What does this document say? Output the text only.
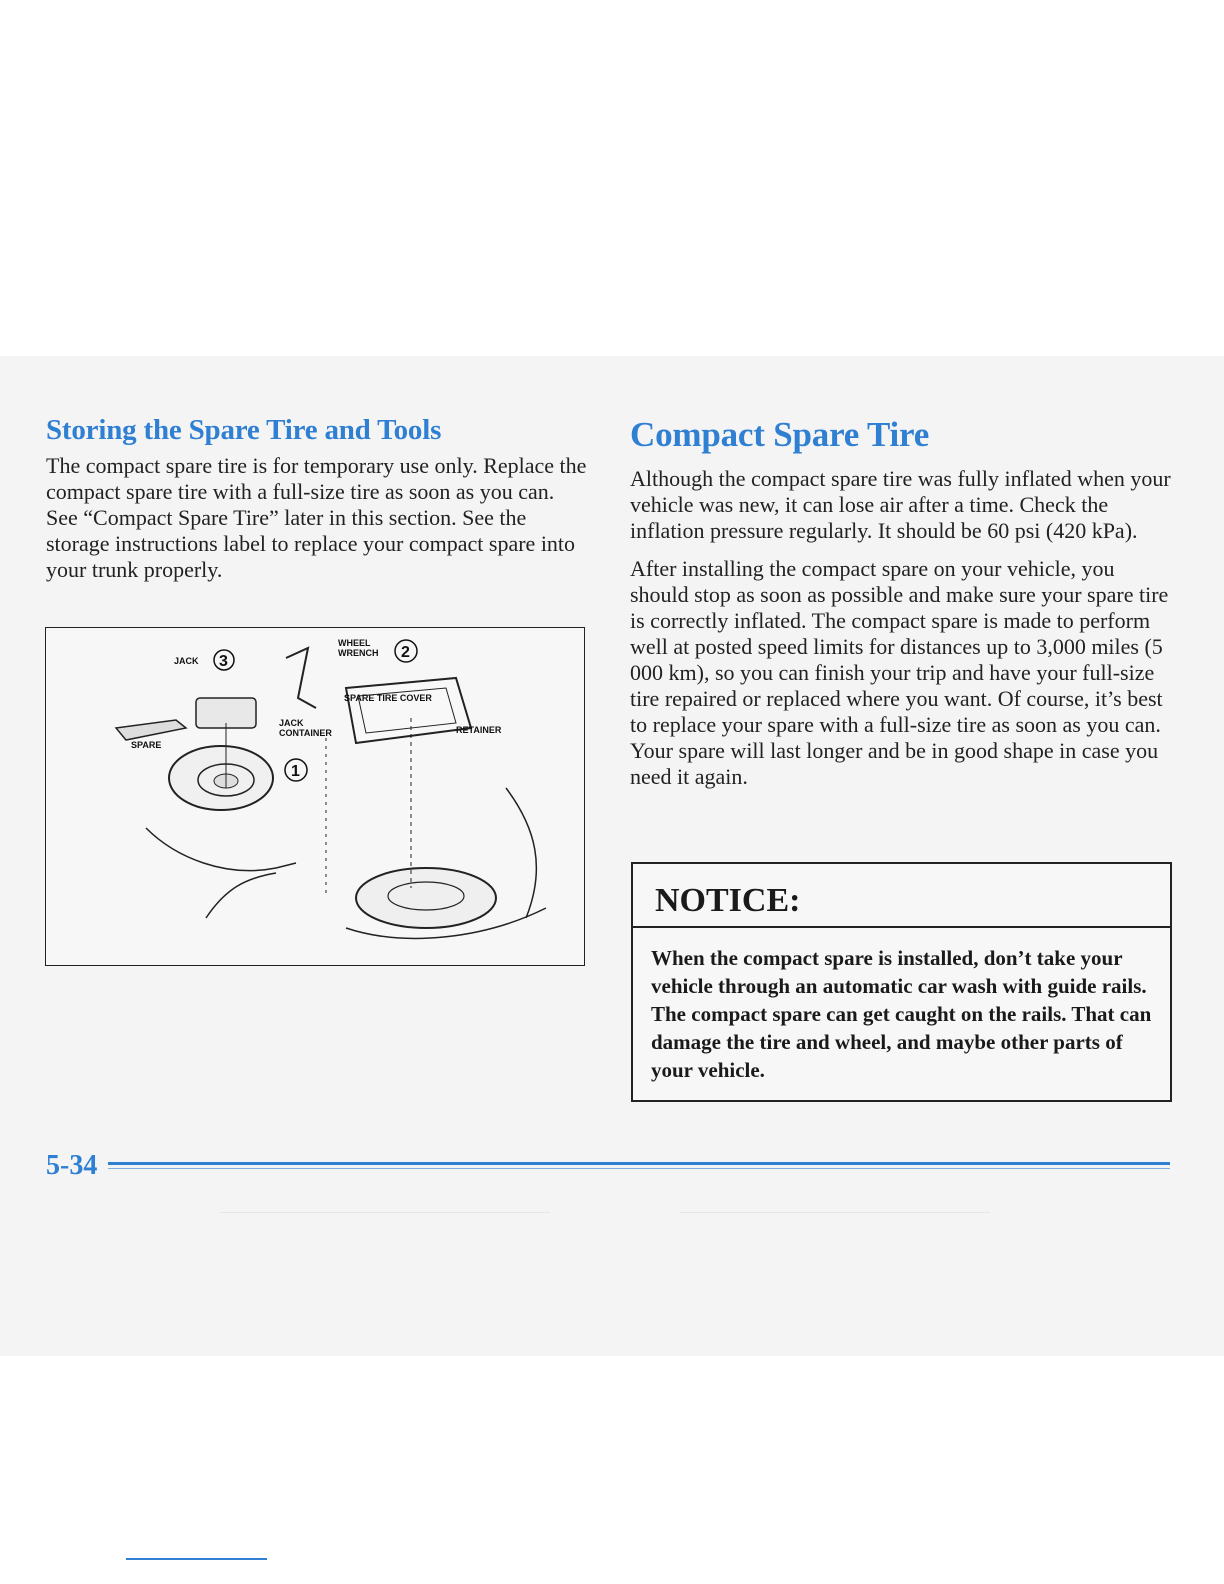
Storing the Spare Tire and Tools

The compact spare tire is for temporary use only. Replace the compact spare tire with a full-size tire as soon as you can. See “Compact Spare Tire” later in this section. See the storage instructions label to replace your compact spare into your trunk properly.

JACK 3
WHEEL
WRENCH 2
SPARE TIRE COVER
JACK
CONTAINER	RETAINER
SPARE
1
Compact Spare Tire

Although the compact spare tire was fully inflated when your vehicle was new, it can lose air after a time. Check the inflation pressure regularly. It should be 60 psi (420 kPa).

After installing the compact spare on your vehicle, you should stop as soon as possible and make sure your spare tire is correctly inflated. The compact spare is made to perform well at posted speed limits for distances up to 3,000 miles (5 000 km), so you can finish your trip and have your full-size tire repaired or replaced where you want. Of course, it’s best to replace your spare with a full-size tire as soon as you can. Your spare will last longer and be in good shape in case you need it again.

NOTICE:
When the compact spare is installed, don’t take your vehicle through an automatic car wash with guide rails. The compact spare can get caught on the rails. That can damage the tire and wheel, and maybe other parts of your vehicle.
5-34
